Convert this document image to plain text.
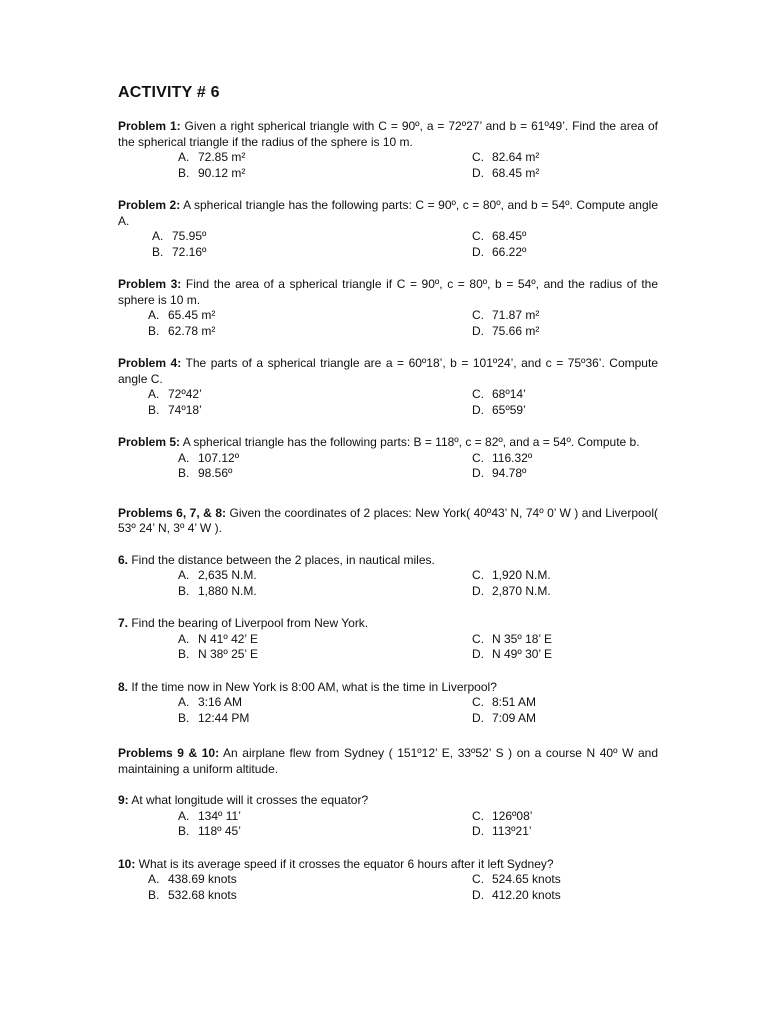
ACTIVITY # 6
Problem 1: Given a right spherical triangle with C = 90º, a = 72º27’ and b = 61º49’. Find the area of the spherical triangle if the radius of the sphere is 10 m.
A. 72.85 m²	C. 82.64 m²
B. 90.12 m²	D. 68.45 m²
Problem 2: A spherical triangle has the following parts: C = 90º, c = 80º, and b = 54º. Compute angle A.
A. 75.95º	C. 68.45º
B. 72.16º	D. 66.22º
Problem 3: Find the area of a spherical triangle if C = 90º, c = 80º, b = 54º, and the radius of the sphere is 10 m.
A. 65.45 m²	C. 71.87 m²
B. 62.78 m²	D. 75.66 m²
Problem 4: The parts of a spherical triangle are a = 60º18’, b = 101º24’, and c = 75º36’. Compute angle C.
A. 72º42’	C. 68º14’
B. 74º18’	D. 65º59’
Problem 5: A spherical triangle has the following parts: B = 118º, c = 82º, and a = 54º. Compute b.
A. 107.12º	C. 116.32º
B. 98.56º	D. 94.78º
Problems 6, 7, & 8: Given the coordinates of 2 places: New York( 40º43’ N, 74º 0’ W ) and Liverpool( 53º 24’ N, 3º 4’ W ).
6. Find the distance between the 2 places, in nautical miles.
A. 2,635 N.M.	C. 1,920 N.M.
B. 1,880 N.M.	D. 2,870 N.M.
7. Find the bearing of Liverpool from New York.
A. N 41º 42’ E	C. N 35º 18’ E
B. N 38º 25’ E	D. N 49º 30’ E
8. If the time now in New York is 8:00 AM, what is the time in Liverpool?
A. 3:16 AM	C. 8:51 AM
B. 12:44 PM	D. 7:09 AM
Problems 9 & 10: An airplane flew from Sydney ( 151º12’ E, 33º52’ S ) on a course N 40º W and maintaining a uniform altitude.
9: At what longitude will it crosses the equator?
A. 134º 11’	C. 126º08’
B. 118º 45’	D. 113º21’
10: What is its average speed if it crosses the equator 6 hours after it left Sydney?
A. 438.69 knots	C. 524.65 knots
B. 532.68 knots	D. 412.20 knots
